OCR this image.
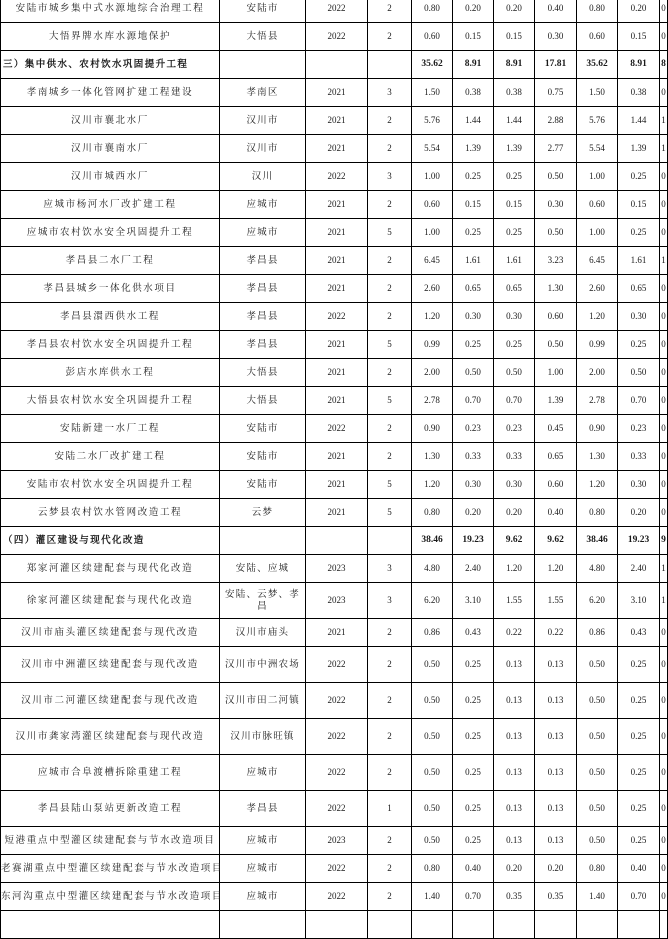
安陆市城乡集中式水源地综合治理工程	安陆市	2022	2	0.80	0.20	0.20	0.40	0.80	0.20	0
大悟界牌水库水源地保护	大悟县	2022	2	0.60	0.15	0.15	0.30	0.60	0.15	0
三）集中供水、农村饮水巩固提升工程				35.62	8.91	8.91	17.81	35.62	8.91	8
孝南城乡一体化管网扩建工程建设	孝南区	2021	3	1.50	0.38	0.38	0.75	1.50	0.38	0
汉川市襄北水厂	汉川市	2021	2	5.76	1.44	1.44	2.88	5.76	1.44	1
汉川市襄南水厂	汉川市	2021	2	5.54	1.39	1.39	2.77	5.54	1.39	1
汉川市城西水厂	汉川	2022	3	1.00	0.25	0.25	0.50	1.00	0.25	0
应城市杨河水厂改扩建工程	应城市	2021	2	0.60	0.15	0.15	0.30	0.60	0.15	0
应城市农村饮水安全巩固提升工程	应城市	2021	5	1.00	0.25	0.25	0.50	1.00	0.25	0
孝昌县二水厂工程	孝昌县	2021	2	6.45	1.61	1.61	3.23	6.45	1.61	1
孝昌县城乡一体化供水项目	孝昌县	2021	2	2.60	0.65	0.65	1.30	2.60	0.65	0
孝昌县澴西供水工程	孝昌县	2022	2	1.20	0.30	0.30	0.60	1.20	0.30	0
孝昌县农村饮水安全巩固提升工程	孝昌县	2021	5	0.99	0.25	0.25	0.50	0.99	0.25	0
彭店水库供水工程	大悟县	2021	2	2.00	0.50	0.50	1.00	2.00	0.50	0
大悟县农村饮水安全巩固提升工程	大悟县	2021	5	2.78	0.70	0.70	1.39	2.78	0.70	0
安陆新建一水厂工程	安陆市	2022	2	0.90	0.23	0.23	0.45	0.90	0.23	0
安陆二水厂改扩建工程	安陆市	2021	2	1.30	0.33	0.33	0.65	1.30	0.33	0
安陆市农村饮水安全巩固提升工程	安陆市	2021	5	1.20	0.30	0.30	0.60	1.20	0.30	0
云梦县农村饮水管网改造工程	云梦	2021	5	0.80	0.20	0.20	0.40	0.80	0.20	0
（四）灌区建设与现代化改造				38.46	19.23	9.62	9.62	38.46	19.23	9
郑家河灌区续建配套与现代化改造	安陆、应城	2023	3	4.80	2.40	1.20	1.20	4.80	2.40	1
徐家河灌区续建配套与现代化改造	安陆、云梦、孝昌	2023	3	6.20	3.10	1.55	1.55	6.20	3.10	1
汉川市庙头灌区续建配套与现代改造	汉川市庙头	2021	2	0.86	0.43	0.22	0.22	0.86	0.43	0
汉川市中洲灌区续建配套与现代改造	汉川市中洲农场	2022	2	0.50	0.25	0.13	0.13	0.50	0.25	0
汉川市二河灌区续建配套与现代改造	汉川市田二河镇	2022	2	0.50	0.25	0.13	0.13	0.50	0.25	0
汉川市龚家湾灌区续建配套与现代改造	汉川市脉旺镇	2022	2	0.50	0.25	0.13	0.13	0.50	0.25	0
应城市合阜渡槽拆除重建工程	应城市	2022	2	0.50	0.25	0.13	0.13	0.50	0.25	0
孝昌县陆山泵站更新改造工程	孝昌县	2022	1	0.50	0.25	0.13	0.13	0.50	0.25	0
短港重点中型灌区续建配套与节水改造项目	应城市	2023	2	0.50	0.25	0.13	0.13	0.50	0.25	0
老赛湖重点中型灌区续建配套与节水改造项目	应城市	2022	2	0.80	0.40	0.20	0.20	0.80	0.40	0
东河沟重点中型灌区续建配套与节水改造项目	应城市	2022	2	1.40	0.70	0.35	0.35	1.40	0.70	0
